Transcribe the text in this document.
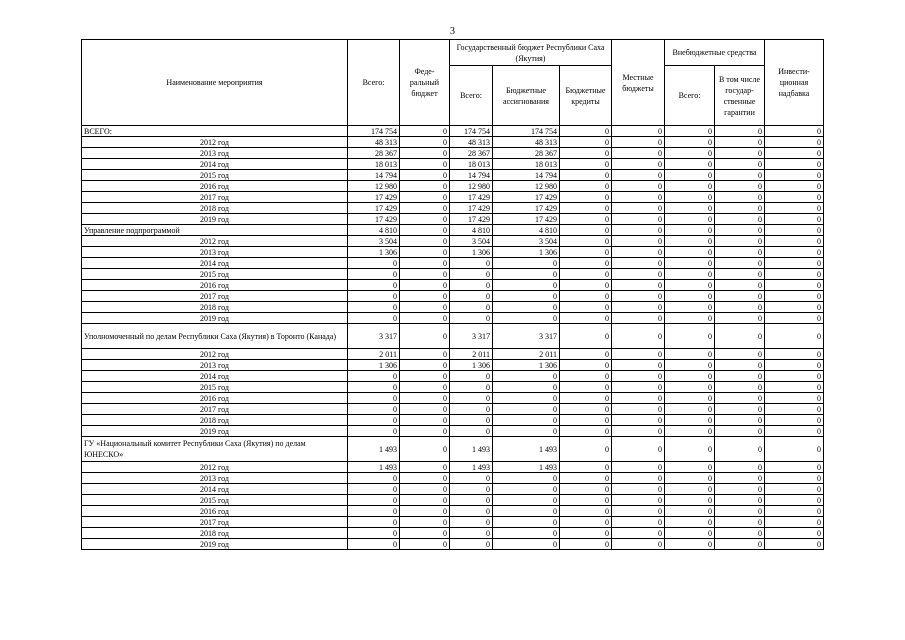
3
Наименование мероприятия	Всего:	Феде-ральный бюджет	Государственный бюджет Республики Саха (Якутия)			Местные бюджеты	Внебюджетные средства		Инвести-ционная надбавка
			Всего:	Бюджетные ассигнования	Бюджетные кредиты		Всего:	В том числе государ-ственные гарантии	
ВСЕГО:	174 754	0	174 754	174 754	0	0	0	0	0
2012 год	48 313	0	48 313	48 313	0	0	0	0	0
2013 год	28 367	0	28 367	28 367	0	0	0	0	0
2014 год	18 013	0	18 013	18 013	0	0	0	0	0
2015 год	14 794	0	14 794	14 794	0	0	0	0	0
2016 год	12 980	0	12 980	12 980	0	0	0	0	0
2017 год	17 429	0	17 429	17 429	0	0	0	0	0
2018 год	17 429	0	17 429	17 429	0	0	0	0	0
2019 год	17 429	0	17 429	17 429	0	0	0	0	0
Управление подпрограммой	4 810	0	4 810	4 810	0	0	0	0	0
2012 год	3 504	0	3 504	3 504	0	0	0	0	0
2013 год	1 306	0	1 306	1 306	0	0	0	0	0
2014 год	0	0	0	0	0	0	0	0	0
2015 год	0	0	0	0	0	0	0	0	0
2016 год	0	0	0	0	0	0	0	0	0
2017 год	0	0	0	0	0	0	0	0	0
2018 год	0	0	0	0	0	0	0	0	0
2019 год	0	0	0	0	0	0	0	0	0
Уполномоченный по делам Республики Саха (Якутия) в Торонто (Канада)	3 317	0	3 317	3 317	0	0	0	0	0
2012 год	2 011	0	2 011	2 011	0	0	0	0	0
2013 год	1 306	0	1 306	1 306	0	0	0	0	0
2014 год	0	0	0	0	0	0	0	0	0
2015 год	0	0	0	0	0	0	0	0	0
2016 год	0	0	0	0	0	0	0	0	0
2017 год	0	0	0	0	0	0	0	0	0
2018 год	0	0	0	0	0	0	0	0	0
2019 год	0	0	0	0	0	0	0	0	0
ГУ «Национальный комитет Республики Саха (Якутия) по делам ЮНЕСКО»	1 493	0	1 493	1 493	0	0	0	0	0
2012 год	1 493	0	1 493	1 493	0	0	0	0	0
2013 год	0	0	0	0	0	0	0	0	0
2014 год	0	0	0	0	0	0	0	0	0
2015 год	0	0	0	0	0	0	0	0	0
2016 год	0	0	0	0	0	0	0	0	0
2017 год	0	0	0	0	0	0	0	0	0
2018 год	0	0	0	0	0	0	0	0	0
2019 год	0	0	0	0	0	0	0	0	0
